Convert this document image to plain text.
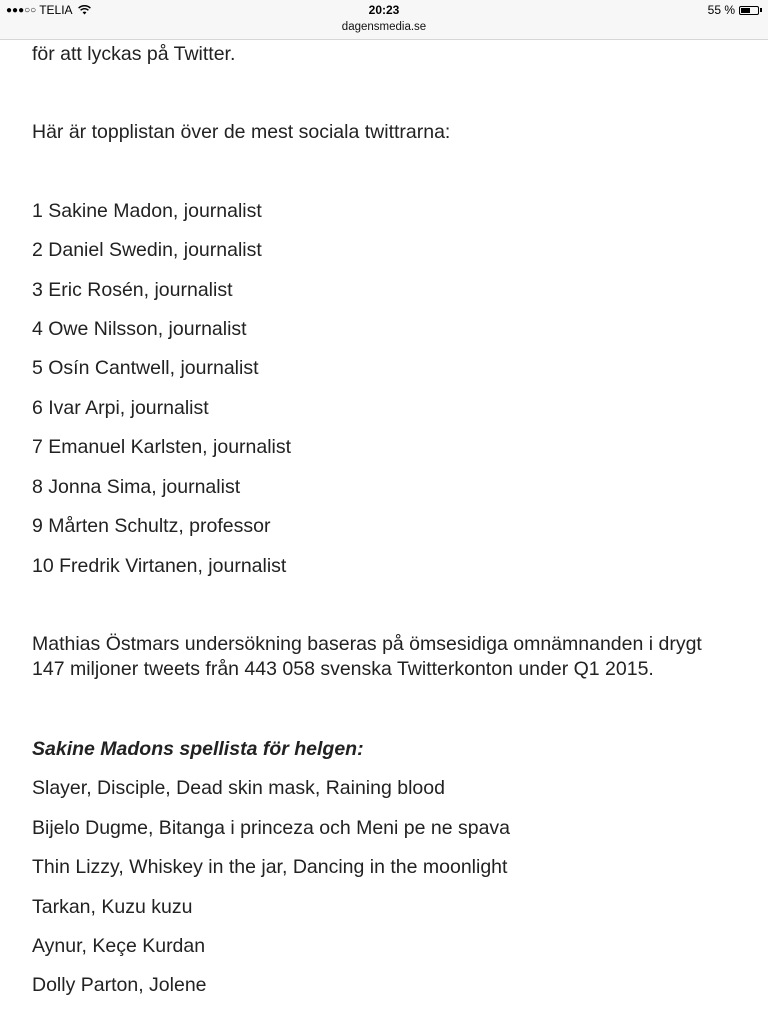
●●●○○ TELIA	20:23
dagensmedia.se
55 %
för att lyckas på Twitter.
Här är topplistan över de mest sociala twittrarna:
1 Sakine Madon, journalist
2 Daniel Swedin, journalist
3 Eric Rosén, journalist
4 Owe Nilsson, journalist
5 Osín Cantwell, journalist
6 Ivar Arpi, journalist
7 Emanuel Karlsten, journalist
8 Jonna Sima, journalist
9 Mårten Schultz, professor
10 Fredrik Virtanen, journalist
Mathias Östmars undersökning baseras på ömsesidiga omnämnanden i drygt
147 miljoner tweets från 443 058 svenska Twitterkonton under Q1 2015.
Sakine Madons spellista för helgen:
Slayer, Disciple, Dead skin mask, Raining blood
Bijelo Dugme, Bitanga i princeza och Meni pe ne spava
Thin Lizzy, Whiskey in the jar, Dancing in the moonlight
Tarkan, Kuzu kuzu
Aynur, Keçe Kurdan
Dolly Parton, Jolene
